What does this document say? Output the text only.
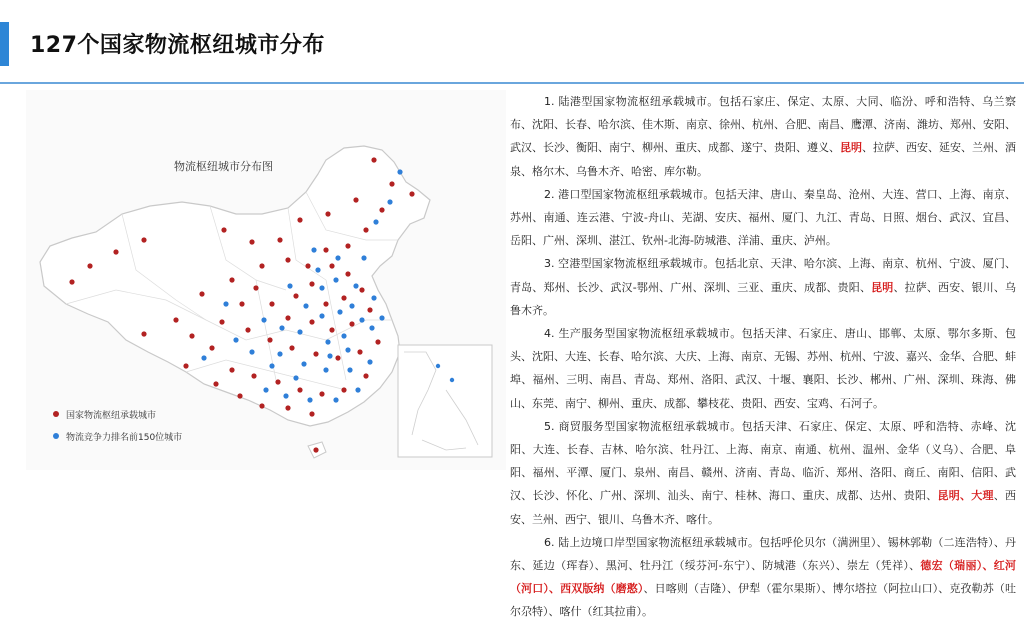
127个国家物流枢纽城市分布
物流枢纽城市分布图
国家物流枢纽承载城市
物流竞争力排名前150位城市

1. 陆港型国家物流枢纽承载城市。包括石家庄、保定、太原、大同、临汾、呼和浩特、乌兰察布、沈阳、长春、哈尔滨、佳木斯、南京、徐州、杭州、合肥、南昌、鹰潭、济南、潍坊、郑州、安阳、武汉、长沙、衡阳、南宁、柳州、重庆、成都、遂宁、贵阳、遵义、昆明、拉萨、西安、延安、兰州、酒泉、格尔木、乌鲁木齐、哈密、库尔勒。

2. 港口型国家物流枢纽承载城市。包括天津、唐山、秦皇岛、沧州、大连、营口、上海、南京、苏州、南通、连云港、宁波-舟山、芜湖、安庆、福州、厦门、九江、青岛、日照、烟台、武汉、宜昌、岳阳、广州、深圳、湛江、钦州-北海-防城港、洋浦、重庆、泸州。

3. 空港型国家物流枢纽承载城市。包括北京、天津、哈尔滨、上海、南京、杭州、宁波、厦门、青岛、郑州、长沙、武汉-鄂州、广州、深圳、三亚、重庆、成都、贵阳、昆明、拉萨、西安、银川、乌鲁木齐。

4. 生产服务型国家物流枢纽承载城市。包括天津、石家庄、唐山、邯郸、太原、鄂尔多斯、包头、沈阳、大连、长春、哈尔滨、大庆、上海、南京、无锡、苏州、杭州、宁波、嘉兴、金华、合肥、蚌埠、福州、三明、南昌、青岛、郑州、洛阳、武汉、十堰、襄阳、长沙、郴州、广州、深圳、珠海、佛山、东莞、南宁、柳州、重庆、成都、攀枝花、贵阳、西安、宝鸡、石河子。

5. 商贸服务型国家物流枢纽承载城市。包括天津、石家庄、保定、太原、呼和浩特、赤峰、沈阳、大连、长春、吉林、哈尔滨、牡丹江、上海、南京、南通、杭州、温州、金华（义乌）、合肥、阜阳、福州、平潭、厦门、泉州、南昌、赣州、济南、青岛、临沂、郑州、洛阳、商丘、南阳、信阳、武汉、长沙、怀化、广州、深圳、汕头、南宁、桂林、海口、重庆、成都、达州、贵阳、昆明、大理、西安、兰州、西宁、银川、乌鲁木齐、喀什。

6. 陆上边境口岸型国家物流枢纽承载城市。包括呼伦贝尔（满洲里）、锡林郭勒（二连浩特）、丹东、延边（珲春）、黑河、牡丹江（绥芬河-东宁）、防城港（东兴）、崇左（凭祥）、德宏（瑞丽）、红河（河口）、西双版纳（磨憨）、日喀则（吉隆）、伊犁（霍尔果斯）、博尔塔拉（阿拉山口）、克孜勒苏（吐尔尕特）、喀什（红其拉甫）。
